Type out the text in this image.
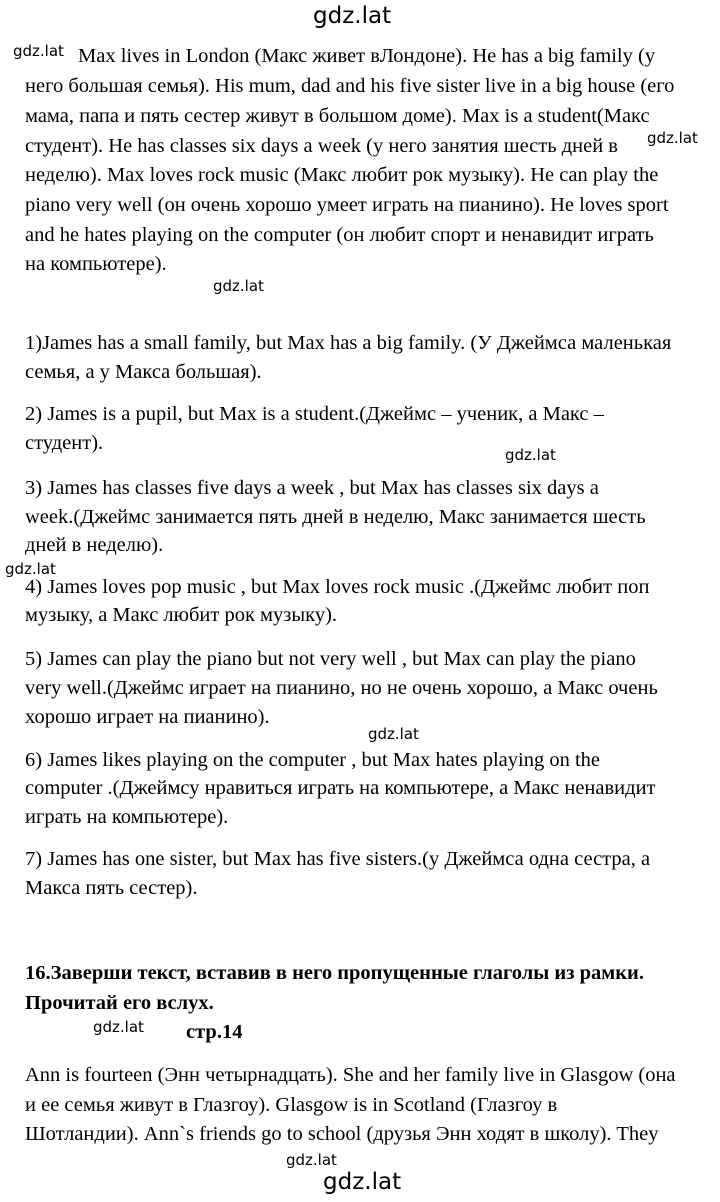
gdz.lat
gdz.lat
gdz.lat
gdz.lat
gdz.lat
gdz.lat
gdz.lat
gdz.lat
gdz.lat
Max lives in London (Макс живет вЛондоне). He has a big family (у
него большая семья). His mum, dad and his five sister live in a big house (его
мама, папа и пять сестер живут в большом доме). Max is a student(Макс
студент). He has classes six days a week (у него занятия шесть дней в
неделю). Max loves rock music (Макс любит рок музыку). He can play the
piano very well (он очень хорошо умеет играть на пианино). He loves sport
and he hates playing on the computer (он любит спорт и ненавидит играть
на компьютере).
1)James has a small family, but Max has a big family. (У Джеймса маленькая
семья, а у Макса большая).
2) James is a pupil, but Max is a student.(Джеймс – ученик, а Макс –
студент).
3) James has classes five days a week , but Max has classes six days a
week.(Джеймс занимается пять дней в неделю, Макс занимается шесть
дней в неделю).
4) James loves pop music , but Max loves rock music .(Джеймс любит поп
музыку, а Макс любит рок музыку).
5) James can play the piano but not very well , but Max can play the piano
very well.(Джеймс играет на пианино, но не очень хорошо, а Макс очень
хорошо играет на пианино).
6) James likes playing on the computer , but Max hates playing on the
computer .(Джеймсу нравиться играть на компьютере, а Макс ненавидит
играть на компьютере).
7) James has one sister, but Max has five sisters.(у Джеймса одна сестра, а
Макса пять сестер).
16.Заверши текст, вставив в него пропущенные глаголы из рамки.
Прочитай его вслух.
стр.14
Ann is fourteen (Энн четырнадцать). She and her family live in Glasgow (она
и ее семья живут в Глазгоу). Glasgow is in Scotland (Глазгоу в
Шотландии). Ann`s friends go to school (друзья Энн ходят в школу). They
gdz.lat
